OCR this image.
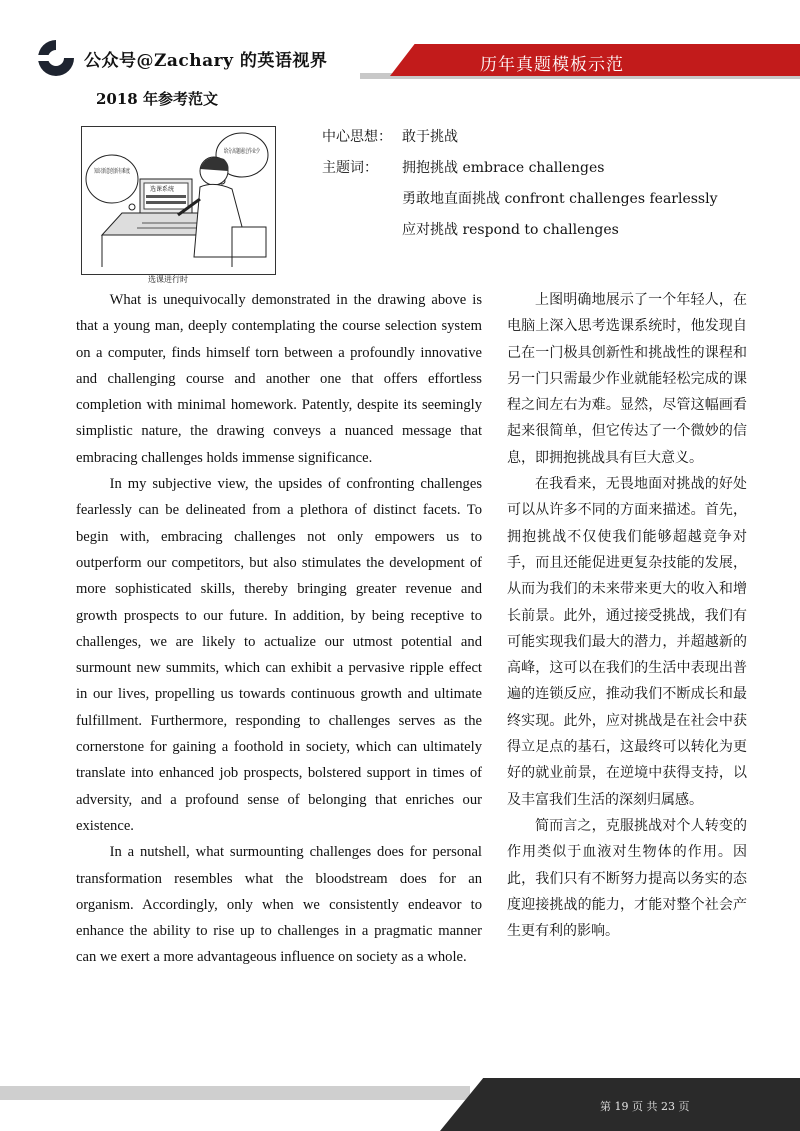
公众号@Zachary 的英语视界	历年真题模板示范
2018 年参考范文
知识新意创新有难度
给分高题通过作业少
选课系统
选课进行时
中心思想： 敢于挑战
主题词： 拥抱挑战 embrace challenges
勇敢地直面挑战 confront challenges fearlessly
应对挑战 respond to challenges

What is unequivocally demonstrated in the drawing above is that a young man, deeply contemplating the course selection system on a computer, finds himself torn between a profoundly innovative and challenging course and another one that offers effortless completion with minimal homework. Patently, despite its seemingly simplistic nature, the drawing conveys a nuanced message that embracing challenges holds immense significance.

In my subjective view, the upsides of confronting challenges fearlessly can be delineated from a plethora of distinct facets. To begin with, embracing challenges not only empowers us to outperform our competitors, but also stimulates the development of more sophisticated skills, thereby bringing greater revenue and growth prospects to our future. In addition, by being receptive to challenges, we are likely to actualize our utmost potential and surmount new summits, which can exhibit a pervasive ripple effect in our lives, propelling us towards continuous growth and ultimate fulfillment. Furthermore, responding to challenges serves as the cornerstone for gaining a foothold in society, which can ultimately translate into enhanced job prospects, bolstered support in times of adversity, and a profound sense of belonging that enriches our existence.

In a nutshell, what surmounting challenges does for personal transformation resembles what the bloodstream does for an organism. Accordingly, only when we consistently endeavor to enhance the ability to rise up to challenges in a pragmatic manner can we exert a more advantageous influence on society as a whole.

上图明确地展示了一个年轻人，在电脑上深入思考选课系统时，他发现自己在一门极具创新性和挑战性的课程和另一门只需最少作业就能轻松完成的课程之间左右为难。显然，尽管这幅画看起来很简单，但它传达了一个微妙的信息，即拥抱挑战具有巨大意义。

在我看来，无畏地面对挑战的好处可以从许多不同的方面来描述。首先，拥抱挑战不仅使我们能够超越竞争对手，而且还能促进更复杂技能的发展，从而为我们的未来带来更大的收入和增长前景。此外，通过接受挑战，我们有可能实现我们最大的潜力，并超越新的高峰，这可以在我们的生活中表现出普遍的连锁反应，推动我们不断成长和最终实现。此外，应对挑战是在社会中获得立足点的基石，这最终可以转化为更好的就业前景，在逆境中获得支持，以及丰富我们生活的深刻归属感。

简而言之，克服挑战对个人转变的作用类似于血液对生物体的作用。因此，我们只有不断努力提高以务实的态度迎接挑战的能力，才能对整个社会产生更有利的影响。

第 19 页 共 23 页
